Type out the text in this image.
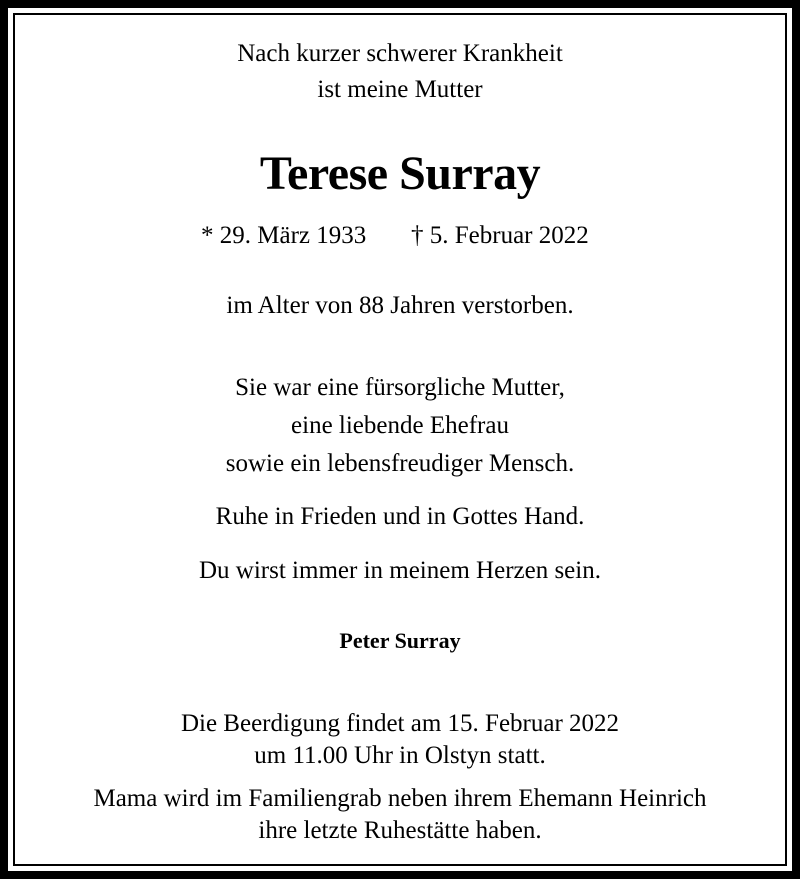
Nach kurzer schwerer Krankheit
ist meine Mutter
Terese Surray
* 29. März 1933 † 5. Februar 2022
im Alter von 88 Jahren verstorben.
Sie war eine fürsorgliche Mutter,
eine liebende Ehefrau
sowie ein lebensfreudiger Mensch.
Ruhe in Frieden und in Gottes Hand.
Du wirst immer in meinem Herzen sein.
Peter Surray
Die Beerdigung findet am 15. Februar 2022
um 11.00 Uhr in Olstyn statt.
Mama wird im Familiengrab neben ihrem Ehemann Heinrich
ihre letzte Ruhestätte haben.
